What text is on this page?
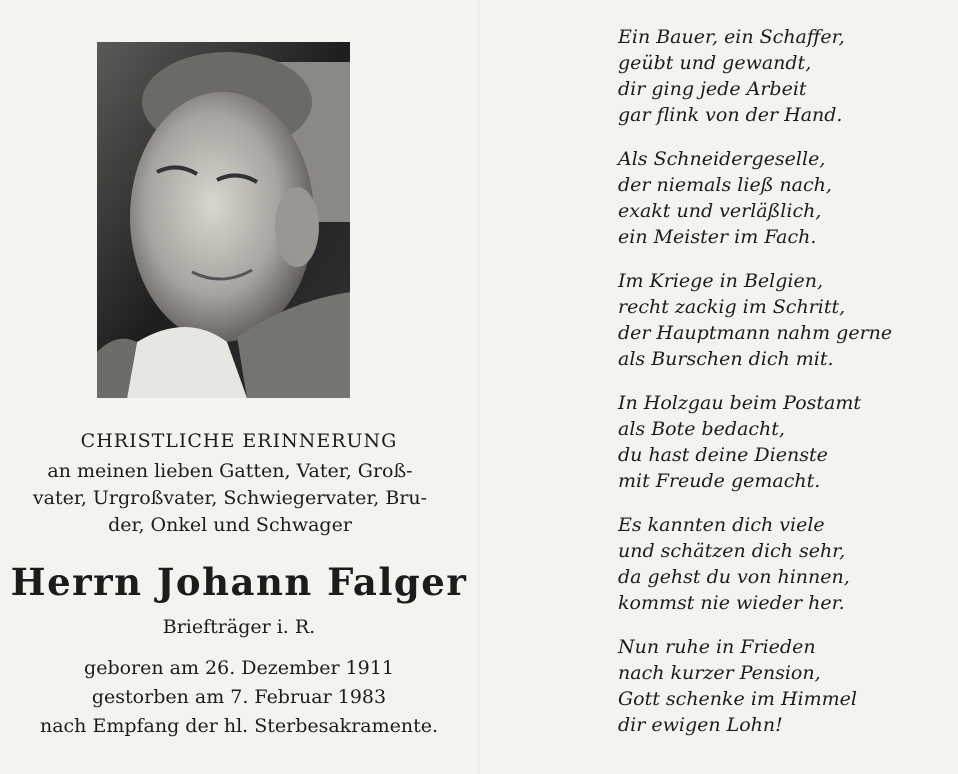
CHRISTLICHE ERINNERUNG
an meinen lieben Gatten, Vater, Groß-
vater, Urgroßvater, Schwiegervater, Bru-
der, Onkel und Schwager
Herrn Johann Falger
Briefträger i. R.
geboren am 26. Dezember 1911
gestorben am 7. Februar 1983
nach Empfang der hl. Sterbesakramente.
Ein Bauer, ein Schaffer,
geübt und gewandt,
dir ging jede Arbeit
gar flink von der Hand.
Als Schneidergeselle,
der niemals ließ nach,
exakt und verläßlich,
ein Meister im Fach.
Im Kriege in Belgien,
recht zackig im Schritt,
der Hauptmann nahm gerne
als Burschen dich mit.
In Holzgau beim Postamt
als Bote bedacht,
du hast deine Dienste
mit Freude gemacht.
Es kannten dich viele
und schätzen dich sehr,
da gehst du von hinnen,
kommst nie wieder her.
Nun ruhe in Frieden
nach kurzer Pension,
Gott schenke im Himmel
dir ewigen Lohn!
